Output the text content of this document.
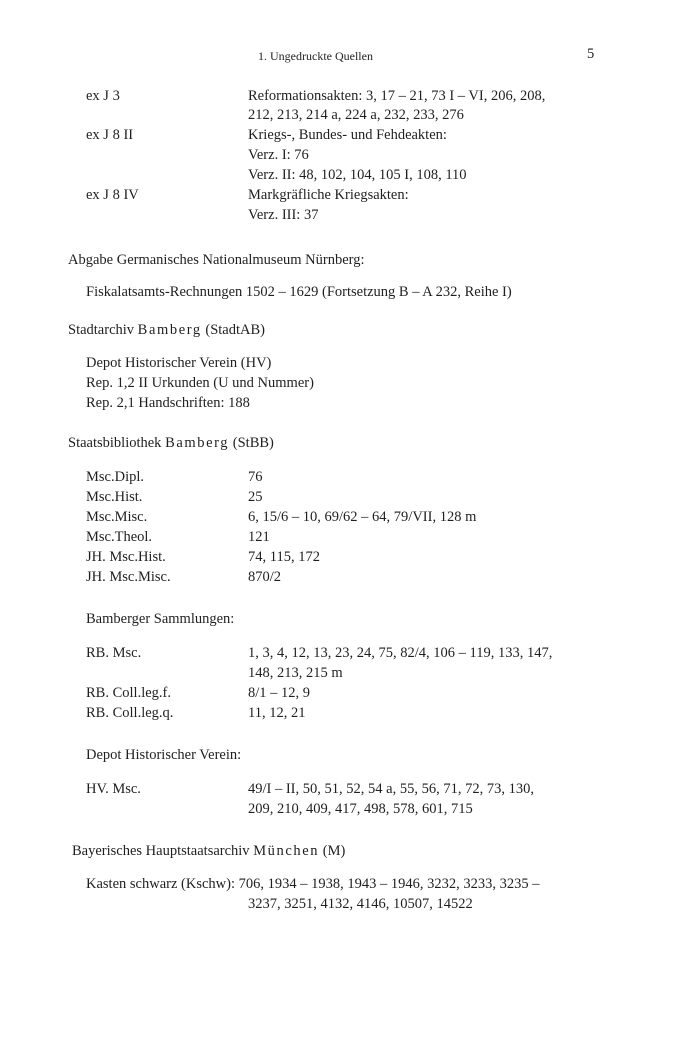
1. Ungedruckte Quellen	5
ex J 3	Reformationsakten: 3, 17 – 21, 73 I – VI, 206, 208,
212, 213, 214 a, 224 a, 232, 233, 276
ex J 8 II	Kriegs-, Bundes- und Fehdeakten:
Verz. I: 76
Verz. II: 48, 102, 104, 105 I, 108, 110
ex J 8 IV	Markgräfliche Kriegsakten:
Verz. III: 37
Abgabe Germanisches Nationalmuseum Nürnberg:
Fiskalatsamts-Rechnungen 1502 – 1629 (Fortsetzung B – A 232, Reihe I)
Stadtarchiv Bamberg (StadtAB)
Depot Historischer Verein (HV)
Rep. 1,2 II Urkunden (U und Nummer)
Rep. 2,1 Handschriften: 188
Staatsbibliothek Bamberg (StBB)
Msc.Dipl.	76
Msc.Hist.	25
Msc.Misc.	6, 15/6 – 10, 69/62 – 64, 79/VII, 128 m
Msc.Theol.	121
JH. Msc.Hist.	74, 115, 172
JH. Msc.Misc.	870/2
Bamberger Sammlungen:
RB. Msc.	1, 3, 4, 12, 13, 23, 24, 75, 82/4, 106 – 119, 133, 147,
148, 213, 215 m
RB. Coll.leg.f.	8/1 – 12, 9
RB. Coll.leg.q.	11, 12, 21
Depot Historischer Verein:
HV. Msc.	49/I – II, 50, 51, 52, 54 a, 55, 56, 71, 72, 73, 130,
209, 210, 409, 417, 498, 578, 601, 715
Bayerisches Hauptstaatsarchiv München (M)
Kasten schwarz (Kschw): 706, 1934 – 1938, 1943 – 1946, 3232, 3233, 3235 –
3237, 3251, 4132, 4146, 10507, 14522
